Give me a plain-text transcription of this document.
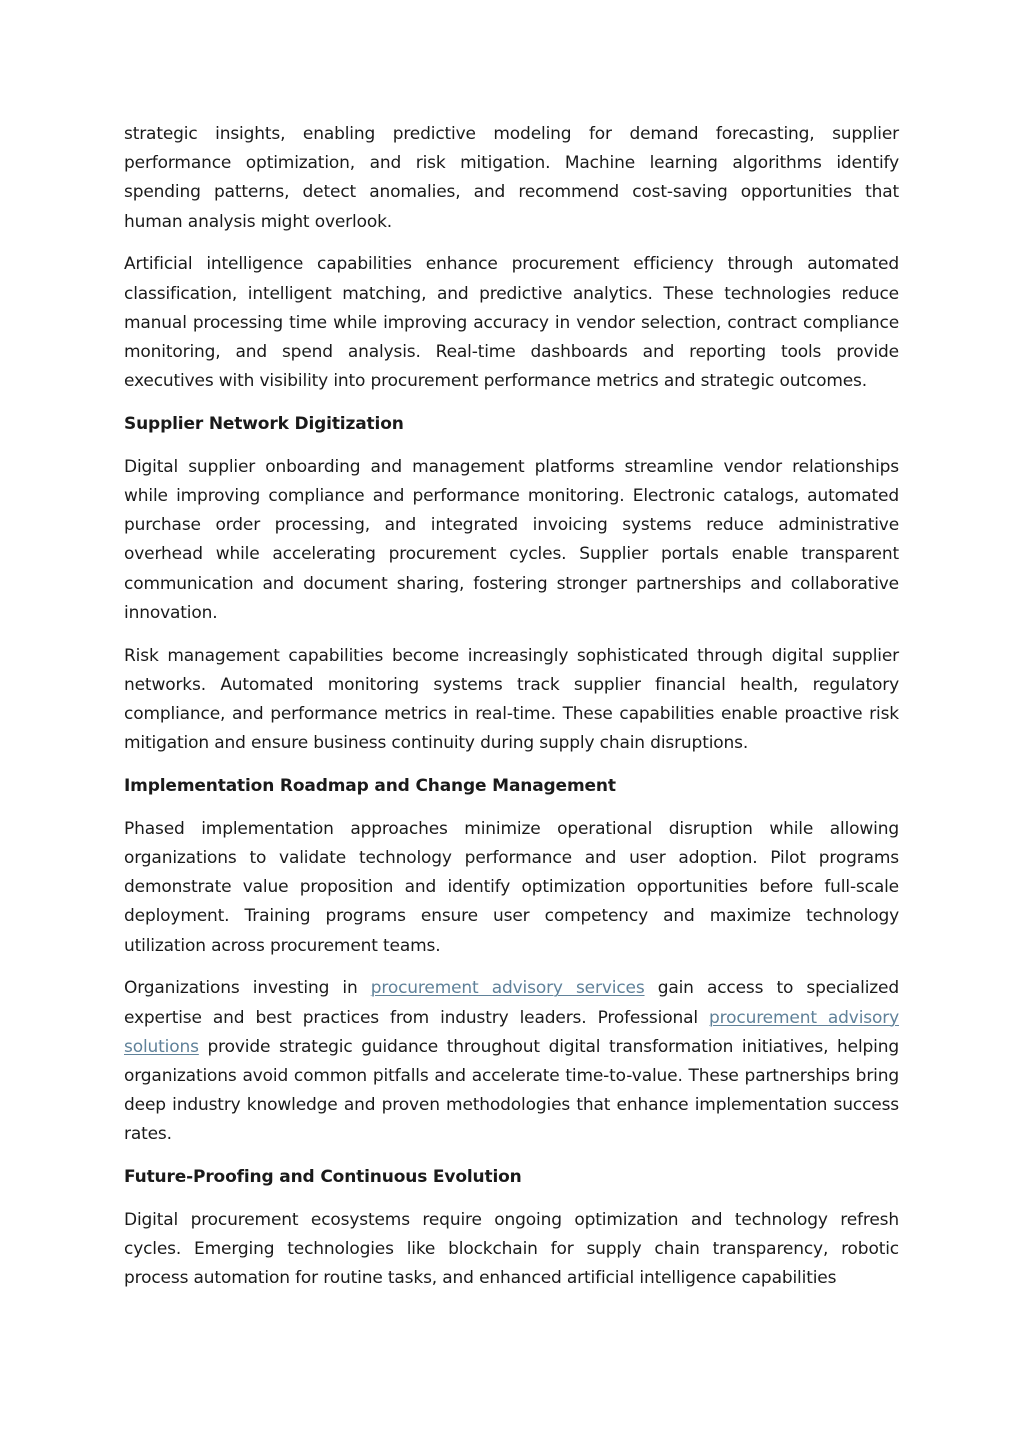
strategic insights, enabling predictive modeling for demand forecasting, supplier performance optimization, and risk mitigation. Machine learning algorithms identify spending patterns, detect anomalies, and recommend cost-saving opportunities that human analysis might overlook.

Artificial intelligence capabilities enhance procurement efficiency through automated classification, intelligent matching, and predictive analytics. These technologies reduce manual processing time while improving accuracy in vendor selection, contract compliance monitoring, and spend analysis. Real-time dashboards and reporting tools provide executives with visibility into procurement performance metrics and strategic outcomes.

Supplier Network Digitization

Digital supplier onboarding and management platforms streamline vendor relationships while improving compliance and performance monitoring. Electronic catalogs, automated purchase order processing, and integrated invoicing systems reduce administrative overhead while accelerating procurement cycles. Supplier portals enable transparent communication and document sharing, fostering stronger partnerships and collaborative innovation.

Risk management capabilities become increasingly sophisticated through digital supplier networks. Automated monitoring systems track supplier financial health, regulatory compliance, and performance metrics in real-time. These capabilities enable proactive risk mitigation and ensure business continuity during supply chain disruptions.

Implementation Roadmap and Change Management

Phased implementation approaches minimize operational disruption while allowing organizations to validate technology performance and user adoption. Pilot programs demonstrate value proposition and identify optimization opportunities before full-scale deployment. Training programs ensure user competency and maximize technology utilization across procurement teams.

Organizations investing in procurement advisory services gain access to specialized expertise and best practices from industry leaders. Professional procurement advisory solutions provide strategic guidance throughout digital transformation initiatives, helping organizations avoid common pitfalls and accelerate time-to-value. These partnerships bring deep industry knowledge and proven methodologies that enhance implementation success rates.

Future-Proofing and Continuous Evolution

Digital procurement ecosystems require ongoing optimization and technology refresh cycles. Emerging technologies like blockchain for supply chain transparency, robotic process automation for routine tasks, and enhanced artificial intelligence capabilities
